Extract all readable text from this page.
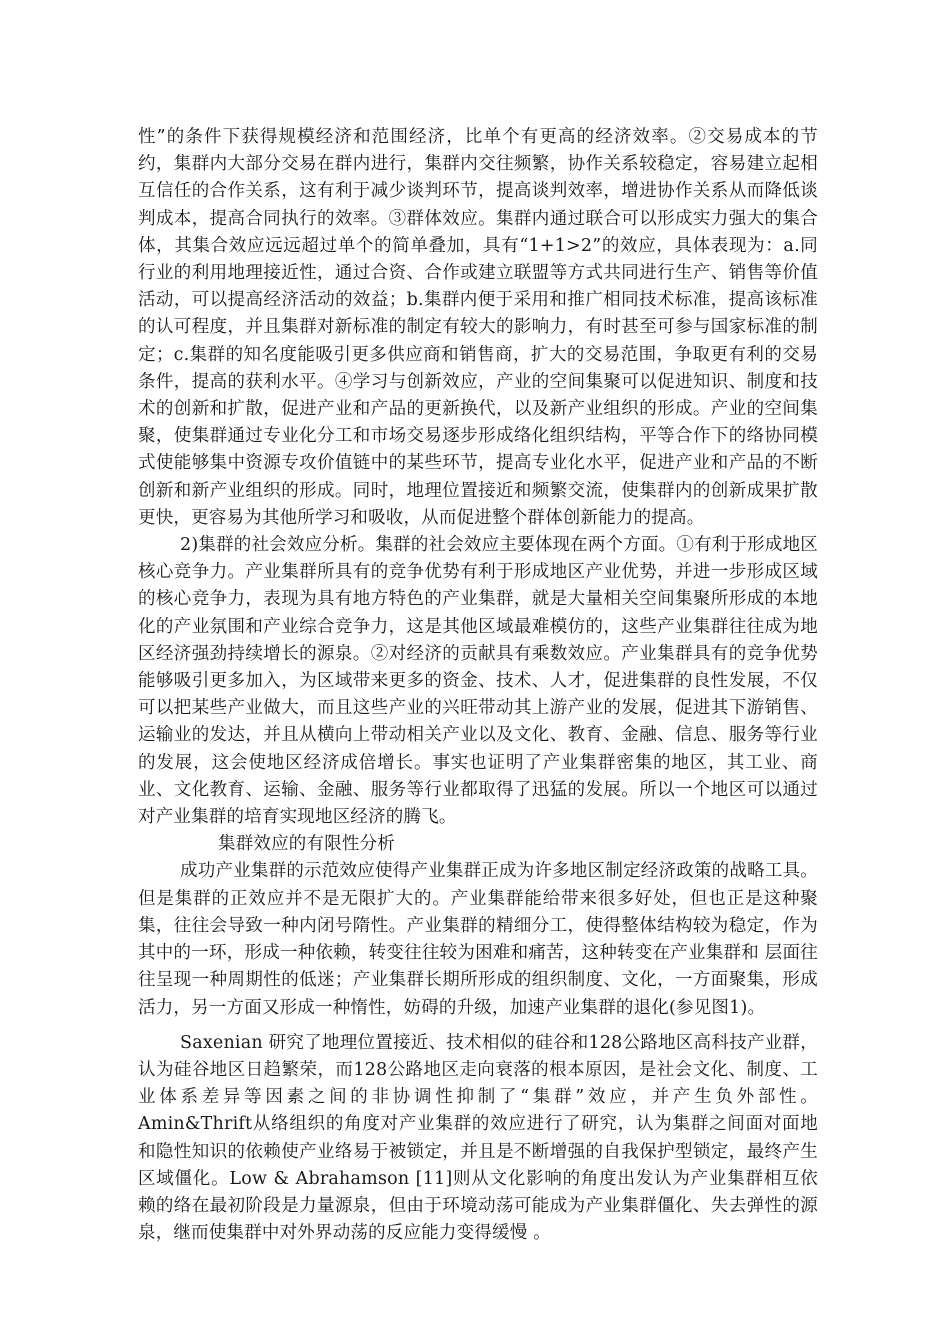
性”的条件下获得规模经济和范围经济，比单个有更高的经济效率。②交易成本的节约，集群内大部分交易在群内进行，集群内交往频繁，协作关系较稳定，容易建立起相互信任的合作关系，这有利于减少谈判环节，提高谈判效率，增进协作关系从而降低谈判成本，提高合同执行的效率。③群体效应。集群内通过联合可以形成实力强大的集合体，其集合效应远远超过单个的简单叠加，具有“1+1>2”的效应，具体表现为：a.同行业的利用地理接近性，通过合资、合作或建立联盟等方式共同进行生产、销售等价值活动，可以提高经济活动的效益；b.集群内便于采用和推广相同技术标准，提高该标准的认可程度，并且集群对新标准的制定有较大的影响力，有时甚至可参与国家标准的制定；c.集群的知名度能吸引更多供应商和销售商，扩大的交易范围，争取更有利的交易条件，提高的获利水平。④学习与创新效应，产业的空间集聚可以促进知识、制度和技术的创新和扩散，促进产业和产品的更新换代，以及新产业组织的形成。产业的空间集聚，使集群通过专业化分工和市场交易逐步形成络化组织结构，平等合作下的络协同模式使能够集中资源专攻价值链中的某些环节，提高专业化水平，促进产业和产品的不断创新和新产业组织的形成。同时，地理位置接近和频繁交流，使集群内的创新成果扩散更快，更容易为其他所学习和吸收，从而促进整个群体创新能力的提高。

2)集群的社会效应分析。集群的社会效应主要体现在两个方面。①有利于形成地区核心竞争力。产业集群所具有的竞争优势有利于形成地区产业优势，并进一步形成区域的核心竞争力，表现为具有地方特色的产业集群，就是大量相关空间集聚所形成的本地化的产业氛围和产业综合竞争力，这是其他区域最难模仿的，这些产业集群往往成为地区经济强劲持续增长的源泉。②对经济的贡献具有乘数效应。产业集群具有的竞争优势能够吸引更多加入，为区域带来更多的资金、技术、人才，促进集群的良性发展，不仅可以把某些产业做大，而且这些产业的兴旺带动其上游产业的发展，促进其下游销售、运输业的发达，并且从横向上带动相关产业以及文化、教育、金融、信息、服务等行业的发展，这会使地区经济成倍增长。事实也证明了产业集群密集的地区，其工业、商业、文化教育、运输、金融、服务等行业都取得了迅猛的发展。所以一个地区可以通过对产业集群的培育实现地区经济的腾飞。

集群效应的有限性分析

成功产业集群的示范效应使得产业集群正成为许多地区制定经济政策的战略工具。但是集群的正效应并不是无限扩大的。产业集群能给带来很多好处，但也正是这种聚集，往往会导致一种内闭号隋性。产业集群的精细分工，使得整体结构较为稳定，作为其中的一环，形成一种依赖，转变往往较为困难和痛苦，这种转变在产业集群和 层面往往呈现一种周期性的低迷；产业集群长期所形成的组织制度、文化，一方面聚集，形成活力，另一方面又形成一种惰性，妨碍的升级，加速产业集群的退化(参见图1)。

Saxenian 研究了地理位置接近、技术相似的硅谷和128公路地区高科技产业群，认为硅谷地区日趋繁荣，而128公路地区走向衰落的根本原因，是社会文化、制度、工业体系差异等因素之间的非协调性抑制了“集群”效应，并产生负外部性。Amin&Thrift从络组织的角度对产业集群的效应进行了研究，认为集群之间面对面地和隐性知识的依赖使产业络易于被锁定，并且是不断增强的自我保护型锁定，最终产生区域僵化。Low & Abrahamson [11]则从文化影响的角度出发认为产业集群相互依赖的络在最初阶段是力量源泉，但由于环境动荡可能成为产业集群僵化、失去弹性的源泉，继而使集群中对外界动荡的反应能力变得缓慢 。
